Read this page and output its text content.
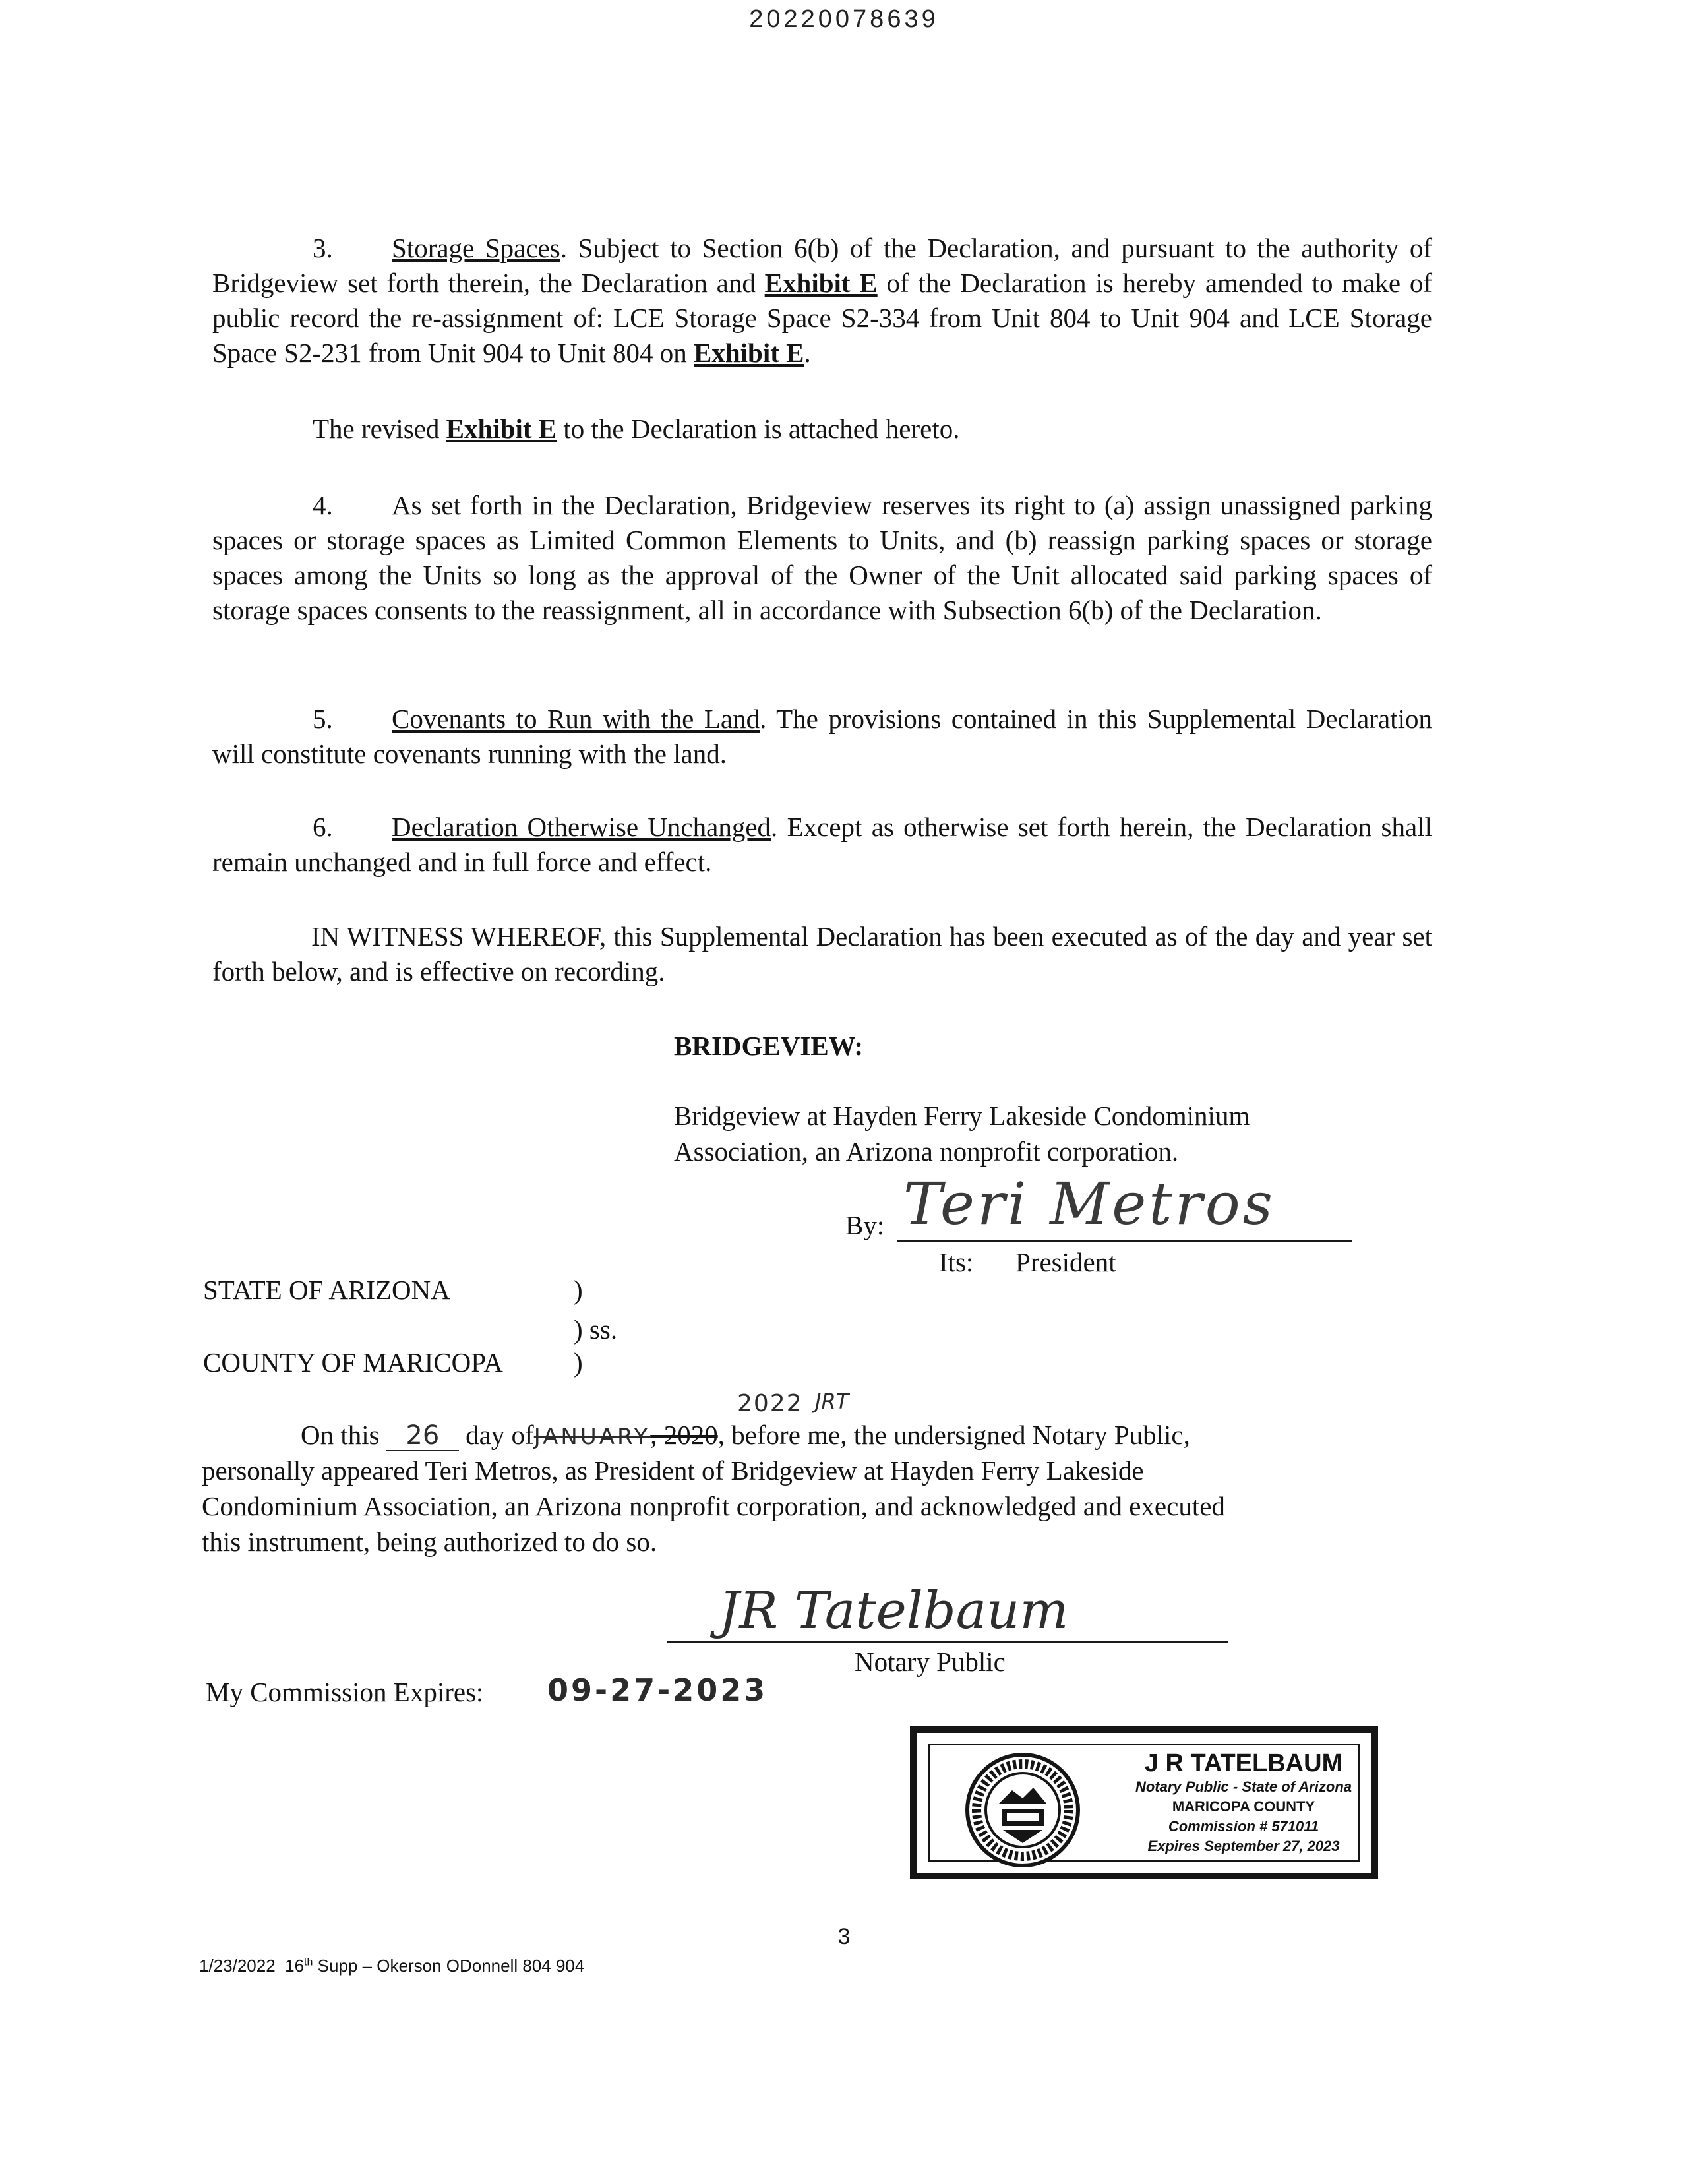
20220078639
3. Storage Spaces. Subject to Section 6(b) of the Declaration, and pursuant to the authority of Bridgeview set forth therein, the Declaration and Exhibit E of the Declaration is hereby amended to make of public record the re-assignment of: LCE Storage Space S2-334 from Unit 804 to Unit 904 and LCE Storage Space S2-231 from Unit 904 to Unit 804 on Exhibit E.
The revised Exhibit E to the Declaration is attached hereto.
4. As set forth in the Declaration, Bridgeview reserves its right to (a) assign unassigned parking spaces or storage spaces as Limited Common Elements to Units, and (b) reassign parking spaces or storage spaces among the Units so long as the approval of the Owner of the Unit allocated said parking spaces of storage spaces consents to the reassignment, all in accordance with Subsection 6(b) of the Declaration.
5. Covenants to Run with the Land. The provisions contained in this Supplemental Declaration will constitute covenants running with the land.
6. Declaration Otherwise Unchanged. Except as otherwise set forth herein, the Declaration shall remain unchanged and in full force and effect.
IN WITNESS WHEREOF, this Supplemental Declaration has been executed as of the day and year set forth below, and is effective on recording.
BRIDGEVIEW:
Bridgeview at Hayden Ferry Lakeside Condominium
Association, an Arizona nonprofit corporation.
By: Teri Metros
Its: President
STATE OF ARIZONA	)
) ss.
COUNTY OF MARICOPA	)
2022 JRT
On this 26 day ofJANUARY, 2020, before me, the undersigned Notary Public,
personally appeared Teri Metros, as President of Bridgeview at Hayden Ferry Lakeside
Condominium Association, an Arizona nonprofit corporation, and acknowledged and executed
this instrument, being authorized to do so.
JR Tatelbaum
Notary Public
My Commission Expires: 09-27-2023
J R TATELBAUM
Notary Public - State of Arizona
MARICOPA COUNTY
Commission # 571011
Expires September 27, 2023
3
1/23/2022 16th Supp – Okerson ODonnell 804 904
